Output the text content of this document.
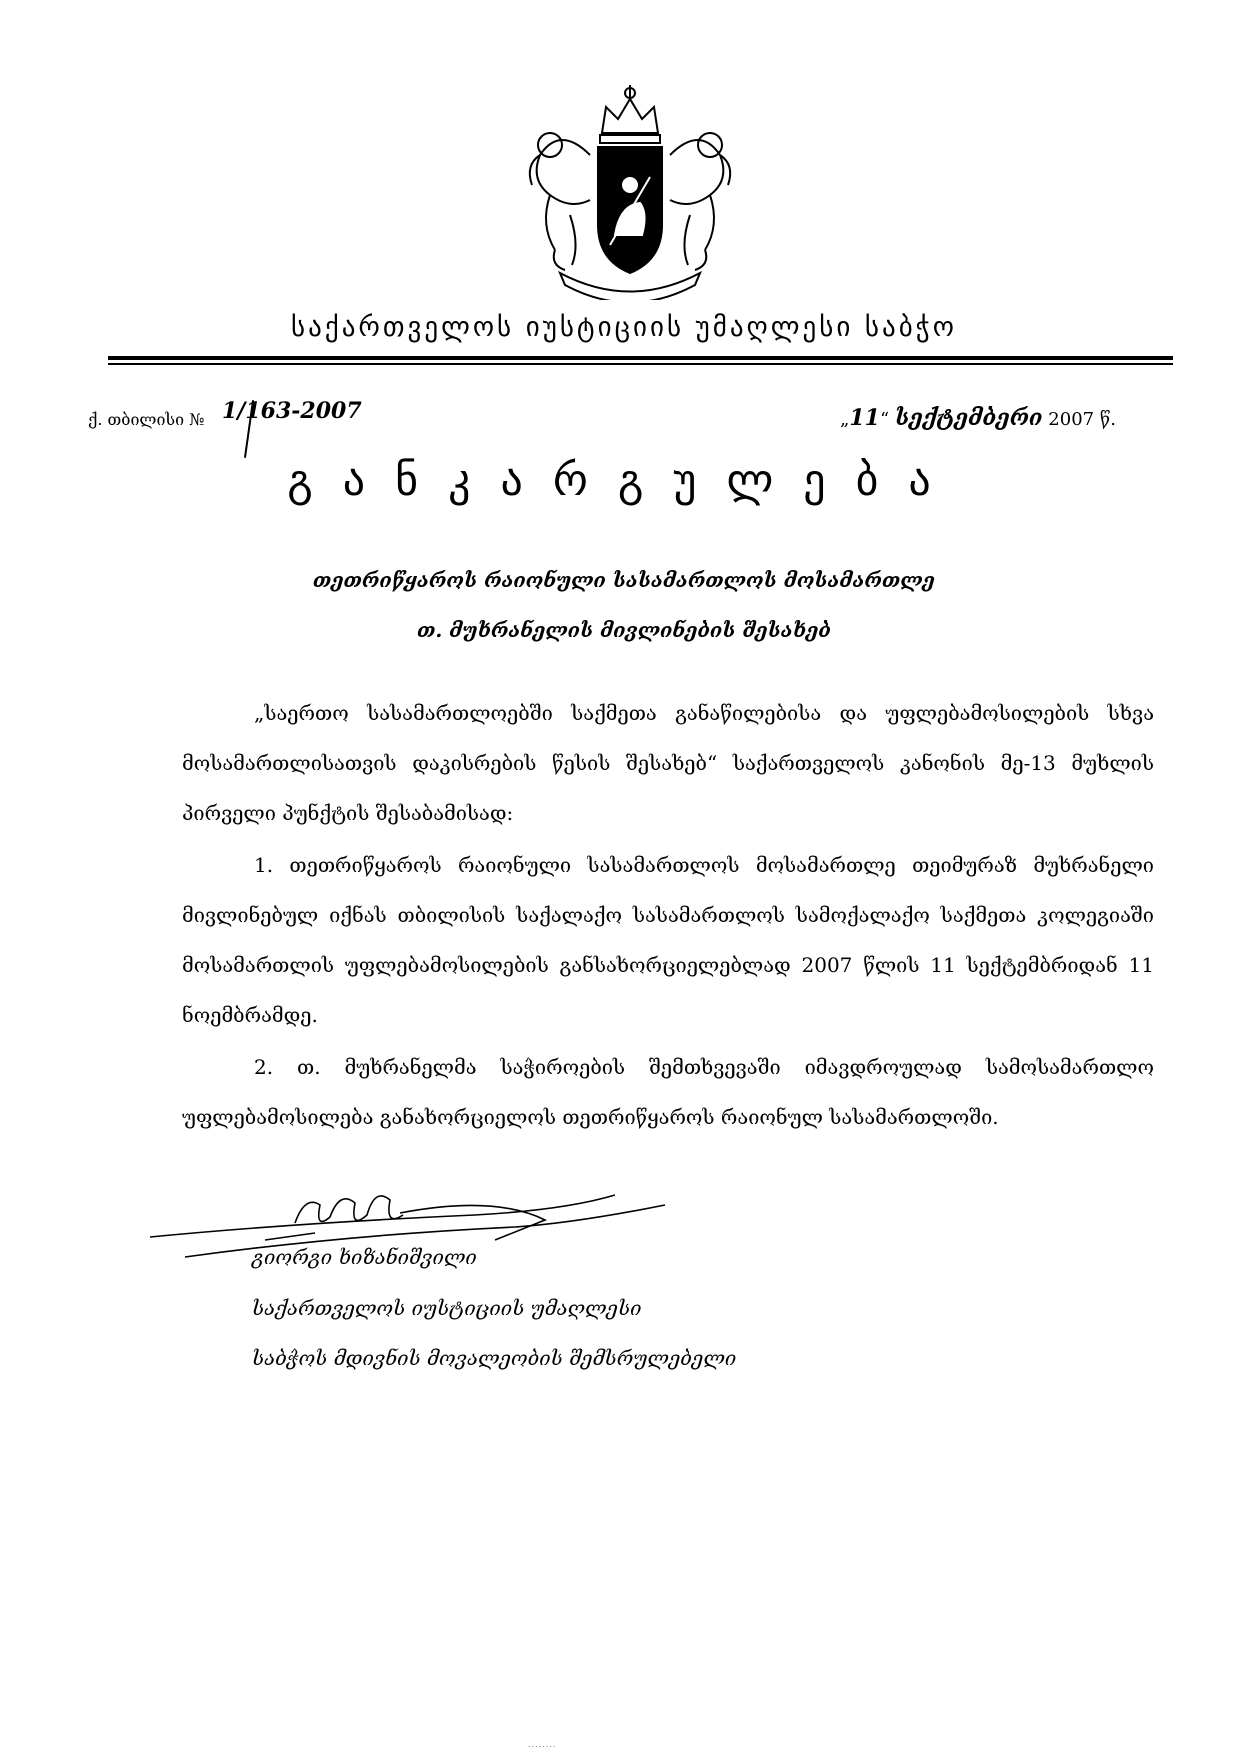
საქართველოს იუსტიციის უმაღლესი საბჭო
ქ. თბილისი № 1/163-2007	„11“ სექტემბერი 2007 წ.
განკარგულება
თეთრიწყაროს რაიონული სასამართლოს მოსამართლე
თ. მუხრანელის მივლინების შესახებ
„საერთო სასამართლოებში საქმეთა განაწილებისა და უფლებამოსილების სხვა მოსამართლისათვის დაკისრების წესის შესახებ“ საქართველოს კანონის მე-13 მუხლის პირველი პუნქტის შესაბამისად:
1. თეთრიწყაროს რაიონული სასამართლოს მოსამართლე თეიმურაზ მუხრანელი მივლინებულ იქნას თბილისის საქალაქო სასამართლოს სამოქალაქო საქმეთა კოლეგიაში მოსამართლის უფლებამოსილების განსახორციელებლად 2007 წლის 11 სექტემბრიდან 11 ნოემბრამდე.
2. თ. მუხრანელმა საჭიროების შემთხვევაში იმავდროულად სამოსამართლო უფლებამოსილება განახორციელოს თეთრიწყაროს რაიონულ სასამართლოში.
გიორგი ხიზანიშვილი
საქართველოს იუსტიციის უმაღლესი
საბჭოს მდივნის მოვალეობის შემსრულებელი
........
